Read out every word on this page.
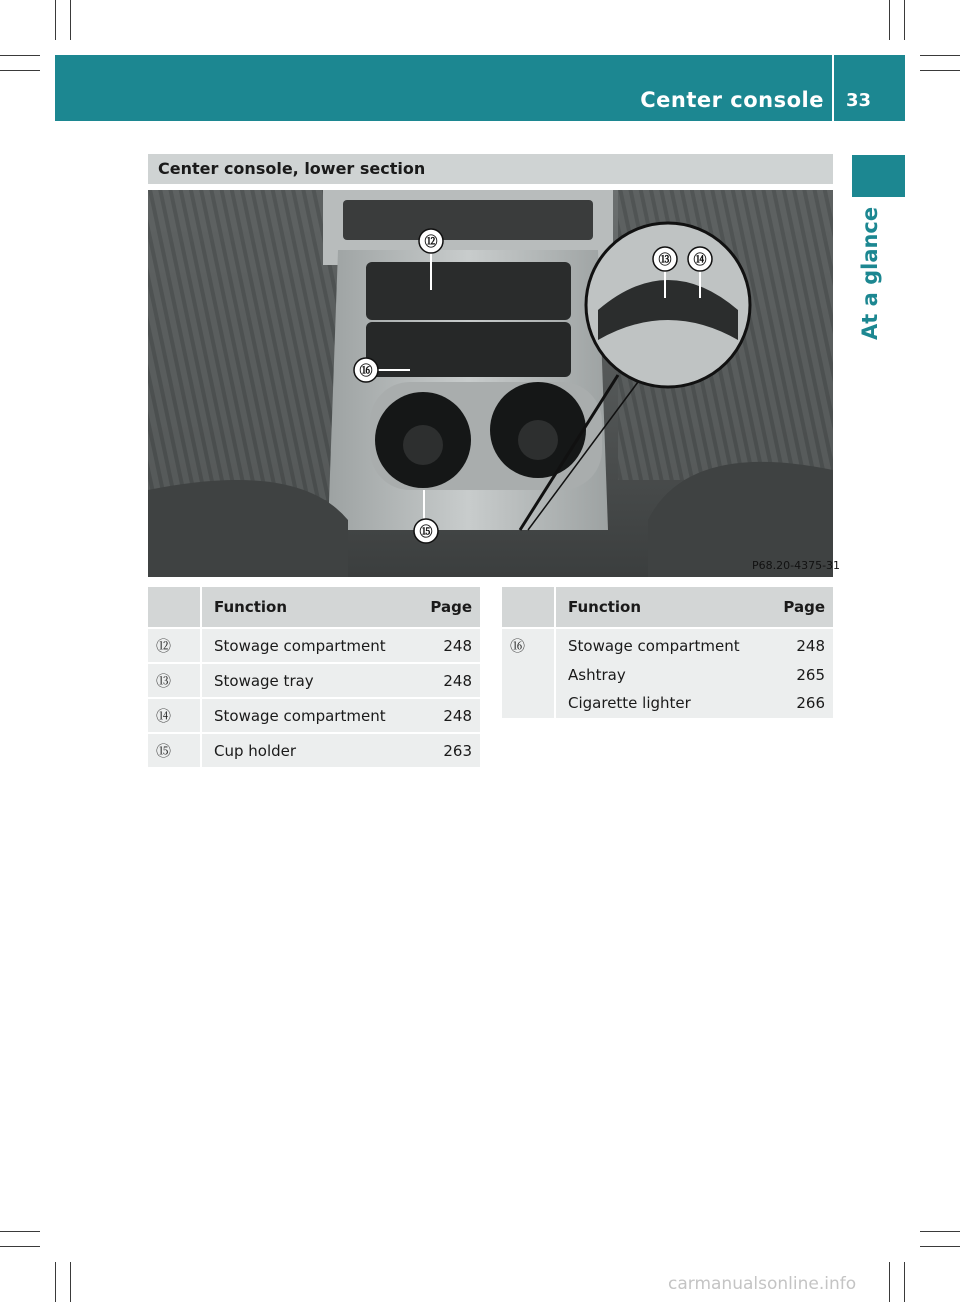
Center console 33
At a glance
Center console, lower section
⑫
⑬ ⑭
⑮
⑯
P68.20-4375-31
	Function	Page
⑫	Stowage compartment	248
⑬	Stowage tray	248
⑭	Stowage compartment	248
⑮	Cup holder	263
	Function	Page
⑯	Stowage compartment	248
	Ashtray	265
	Cigarette lighter	266
carmanualsonline.info
